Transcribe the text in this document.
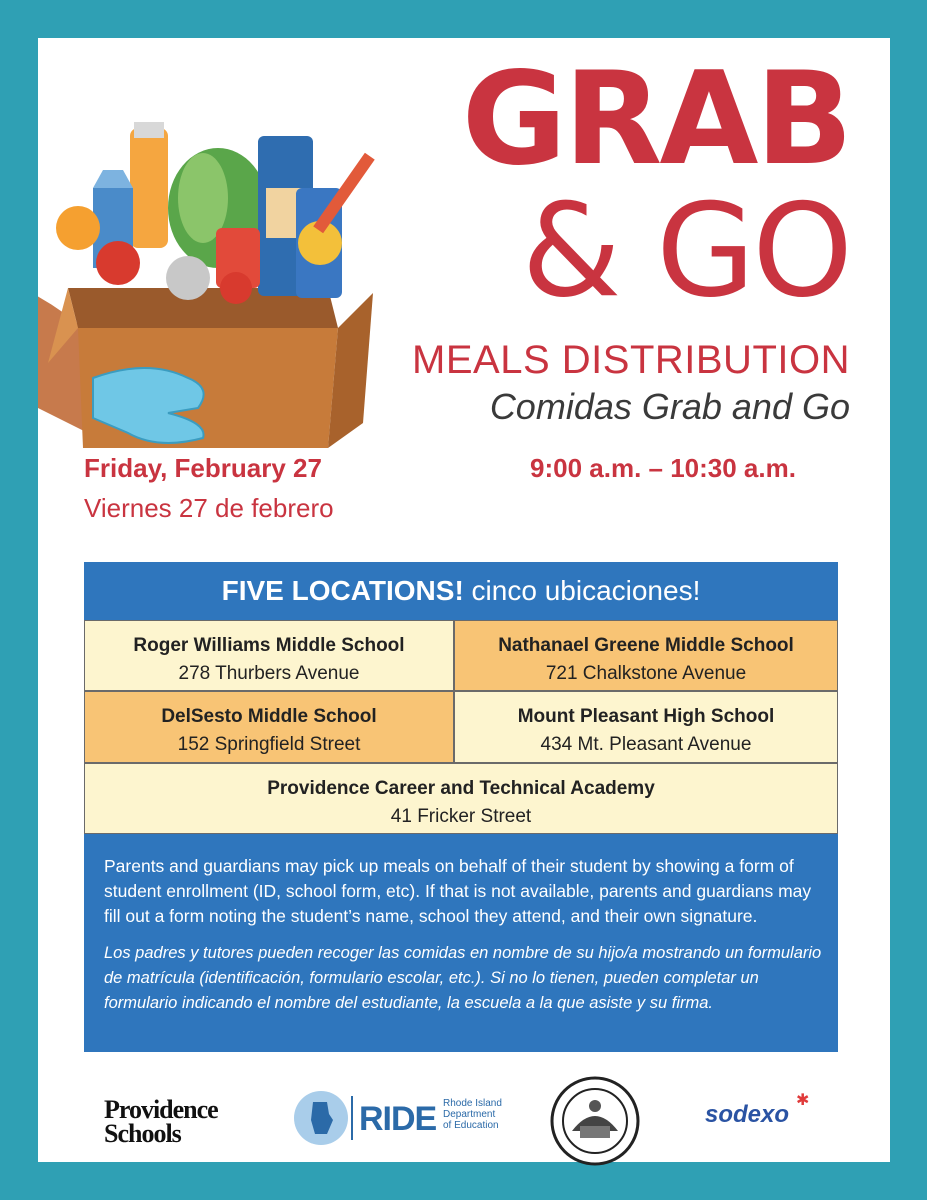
GRAB
& GO
MEALS DISTRIBUTION
Comidas Grab and Go
Friday, February 27
Viernes 27 de febrero
9:00 a.m. – 10:30 a.m.
FIVE LOCATIONS! cinco ubicaciones!
Roger Williams Middle School
278 Thurbers Avenue
Nathanael Greene Middle School
721 Chalkstone Avenue
DelSesto Middle School
152 Springfield Street
Mount Pleasant High School
434 Mt. Pleasant Avenue
Providence Career and Technical Academy
41 Fricker Street

Parents and guardians may pick up meals on behalf of their student by showing a form of student enrollment (ID, school form, etc). If that is not available, parents and guardians may fill out a form noting the student’s name, school they attend, and their own signature.

Los padres y tutores pueden recoger las comidas en nombre de su hijo/a mostrando un formulario de matrícula (identificación, formulario escolar, etc.). Si no lo tienen, pueden completar un formulario indicando el nombre del estudiante, la escuela a la que asiste y su firma.

Providence
Schools	RIDE Rhode Island
Department
of Education	sodexo
✱
